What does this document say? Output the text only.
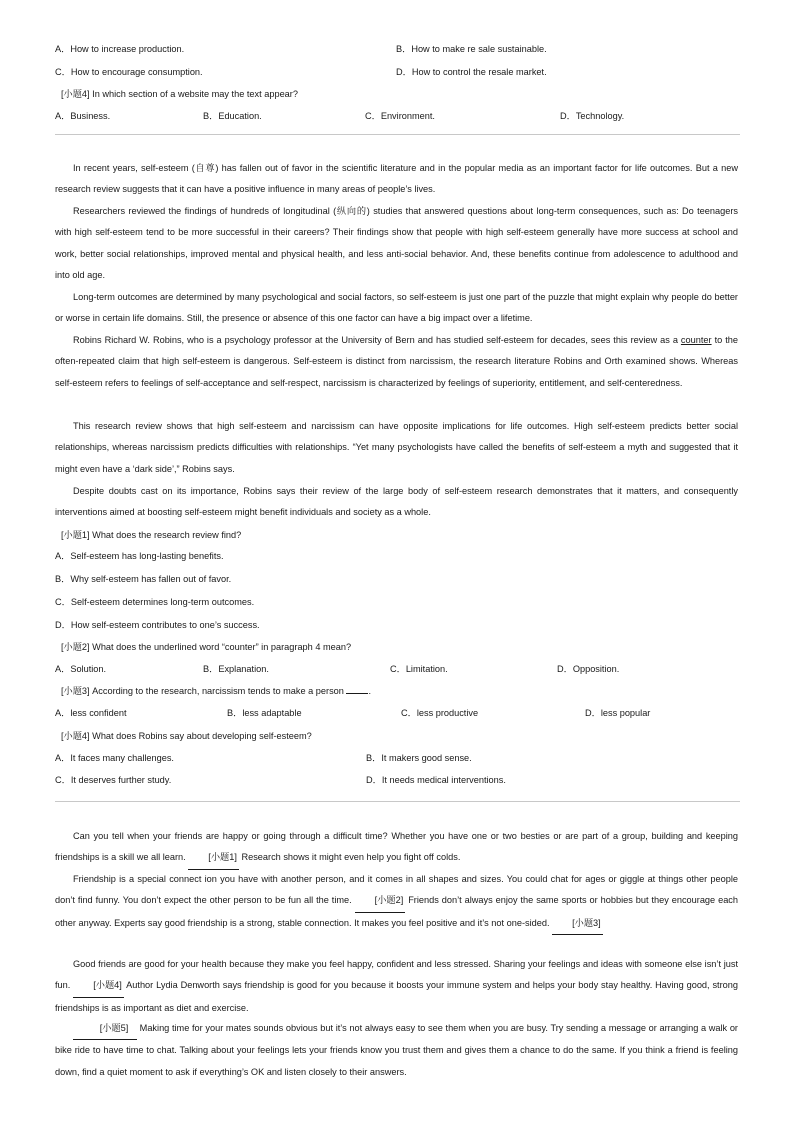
A．How to increase production.	B．How to make re sale sustainable.
C．How to encourage consumption.	D．How to control the resale market.
[小题4] In which section of a website may the text appear?
A．Business.	B．Education.	C．Environment.	D．Technology.

In recent years, self-esteem (自尊) has fallen out of favor in the scientific literature and in the popular media as an important factor for life outcomes. But a new research review suggests that it can have a positive influence in many areas of people’s lives.

Researchers reviewed the findings of hundreds of longitudinal (纵向的) studies that answered questions about long-term consequences, such as: Do teenagers with high self-esteem tend to be more successful in their careers? Their findings show that people with high self-esteem generally have more success at school and work, better social relationships, improved mental and physical health, and less anti-social behavior. And, these benefits continue from adolescence to adulthood and into old age.

Long-term outcomes are determined by many psychological and social factors, so self-esteem is just one part of the puzzle that might explain why people do better or worse in certain life domains. Still, the presence or absence of this one factor can have a big impact over a lifetime.

Robins Richard W. Robins, who is a psychology professor at the University of Bern and has studied self-esteem for decades, sees this review as a counter to the often-repeated claim that high self-esteem is dangerous. Self-esteem is distinct from narcissism, the research literature Robins and Orth examined shows. Whereas self-esteem refers to feelings of self-acceptance and self-respect, narcissism is characterized by feelings of superiority, entitlement, and self-centeredness.

This research review shows that high self-esteem and narcissism can have opposite implications for life outcomes. High self-esteem predicts better social relationships, whereas narcissism predicts difficulties with relationships. “Yet many psychologists have called the benefits of self-esteem a myth and suggested that it might even have a ‘dark side’,” Robins says.

Despite doubts cast on its importance, Robins says their review of the large body of self-esteem research demonstrates that it matters, and consequently interventions aimed at boosting self-esteem might benefit individuals and society as a whole.

[小题1] What does the research review find?
A．Self-esteem has long-lasting benefits.
B．Why self-esteem has fallen out of favor.
C．Self-esteem determines long-term outcomes.
D．How self-esteem contributes to one’s success.
[小题2] What does the underlined word “counter” in paragraph 4 mean?
A．Solution.	B．Explanation.	C．Limitation.	D．Opposition.
[小题3] According to the research, narcissism tends to make a person	.
A．less confident	B．less adaptable	C．less productive	D．less popular
[小题4] What does Robins say about developing self-esteem?
A．It faces many challenges.	B．It makers good sense.
C．It deserves further study.	D．It needs medical interventions.

Can you tell when your friends are happy or going through a difficult time? Whether you have one or two besties or are part of a group, building and keeping friendships is a skill we all learn. [小题1] Research shows it might even help you fight off colds.

Friendship is a special connect ion you have with another person, and it comes in all shapes and sizes. You could chat for ages or giggle at things other people don’t find funny. You don’t expect the other person to be fun all the time. [小题2] Friends don’t always enjoy the same sports or hobbies but they encourage each other anyway. Experts say good friendship is a strong, stable connection. It makes you feel positive and it’s not one-sided. [小题3]

Good friends are good for your health because they make you feel happy, confident and less stressed. Sharing your feelings and ideas with someone else isn’t just fun. [小题4] Author Lydia Denworth says friendship is good for you because it boosts your immune system and helps your body stay healthy. Having good, strong friendships is as important as diet and exercise.

[小题5] Making time for your mates sounds obvious but it’s not always easy to see them when you are busy. Try sending a message or arranging a walk or bike ride to have time to chat. Talking about your feelings lets your friends know you trust them and gives them a chance to do the same. If you think a friend is feeling down, find a quiet moment to ask if everything’s OK and listen closely to their answers.
